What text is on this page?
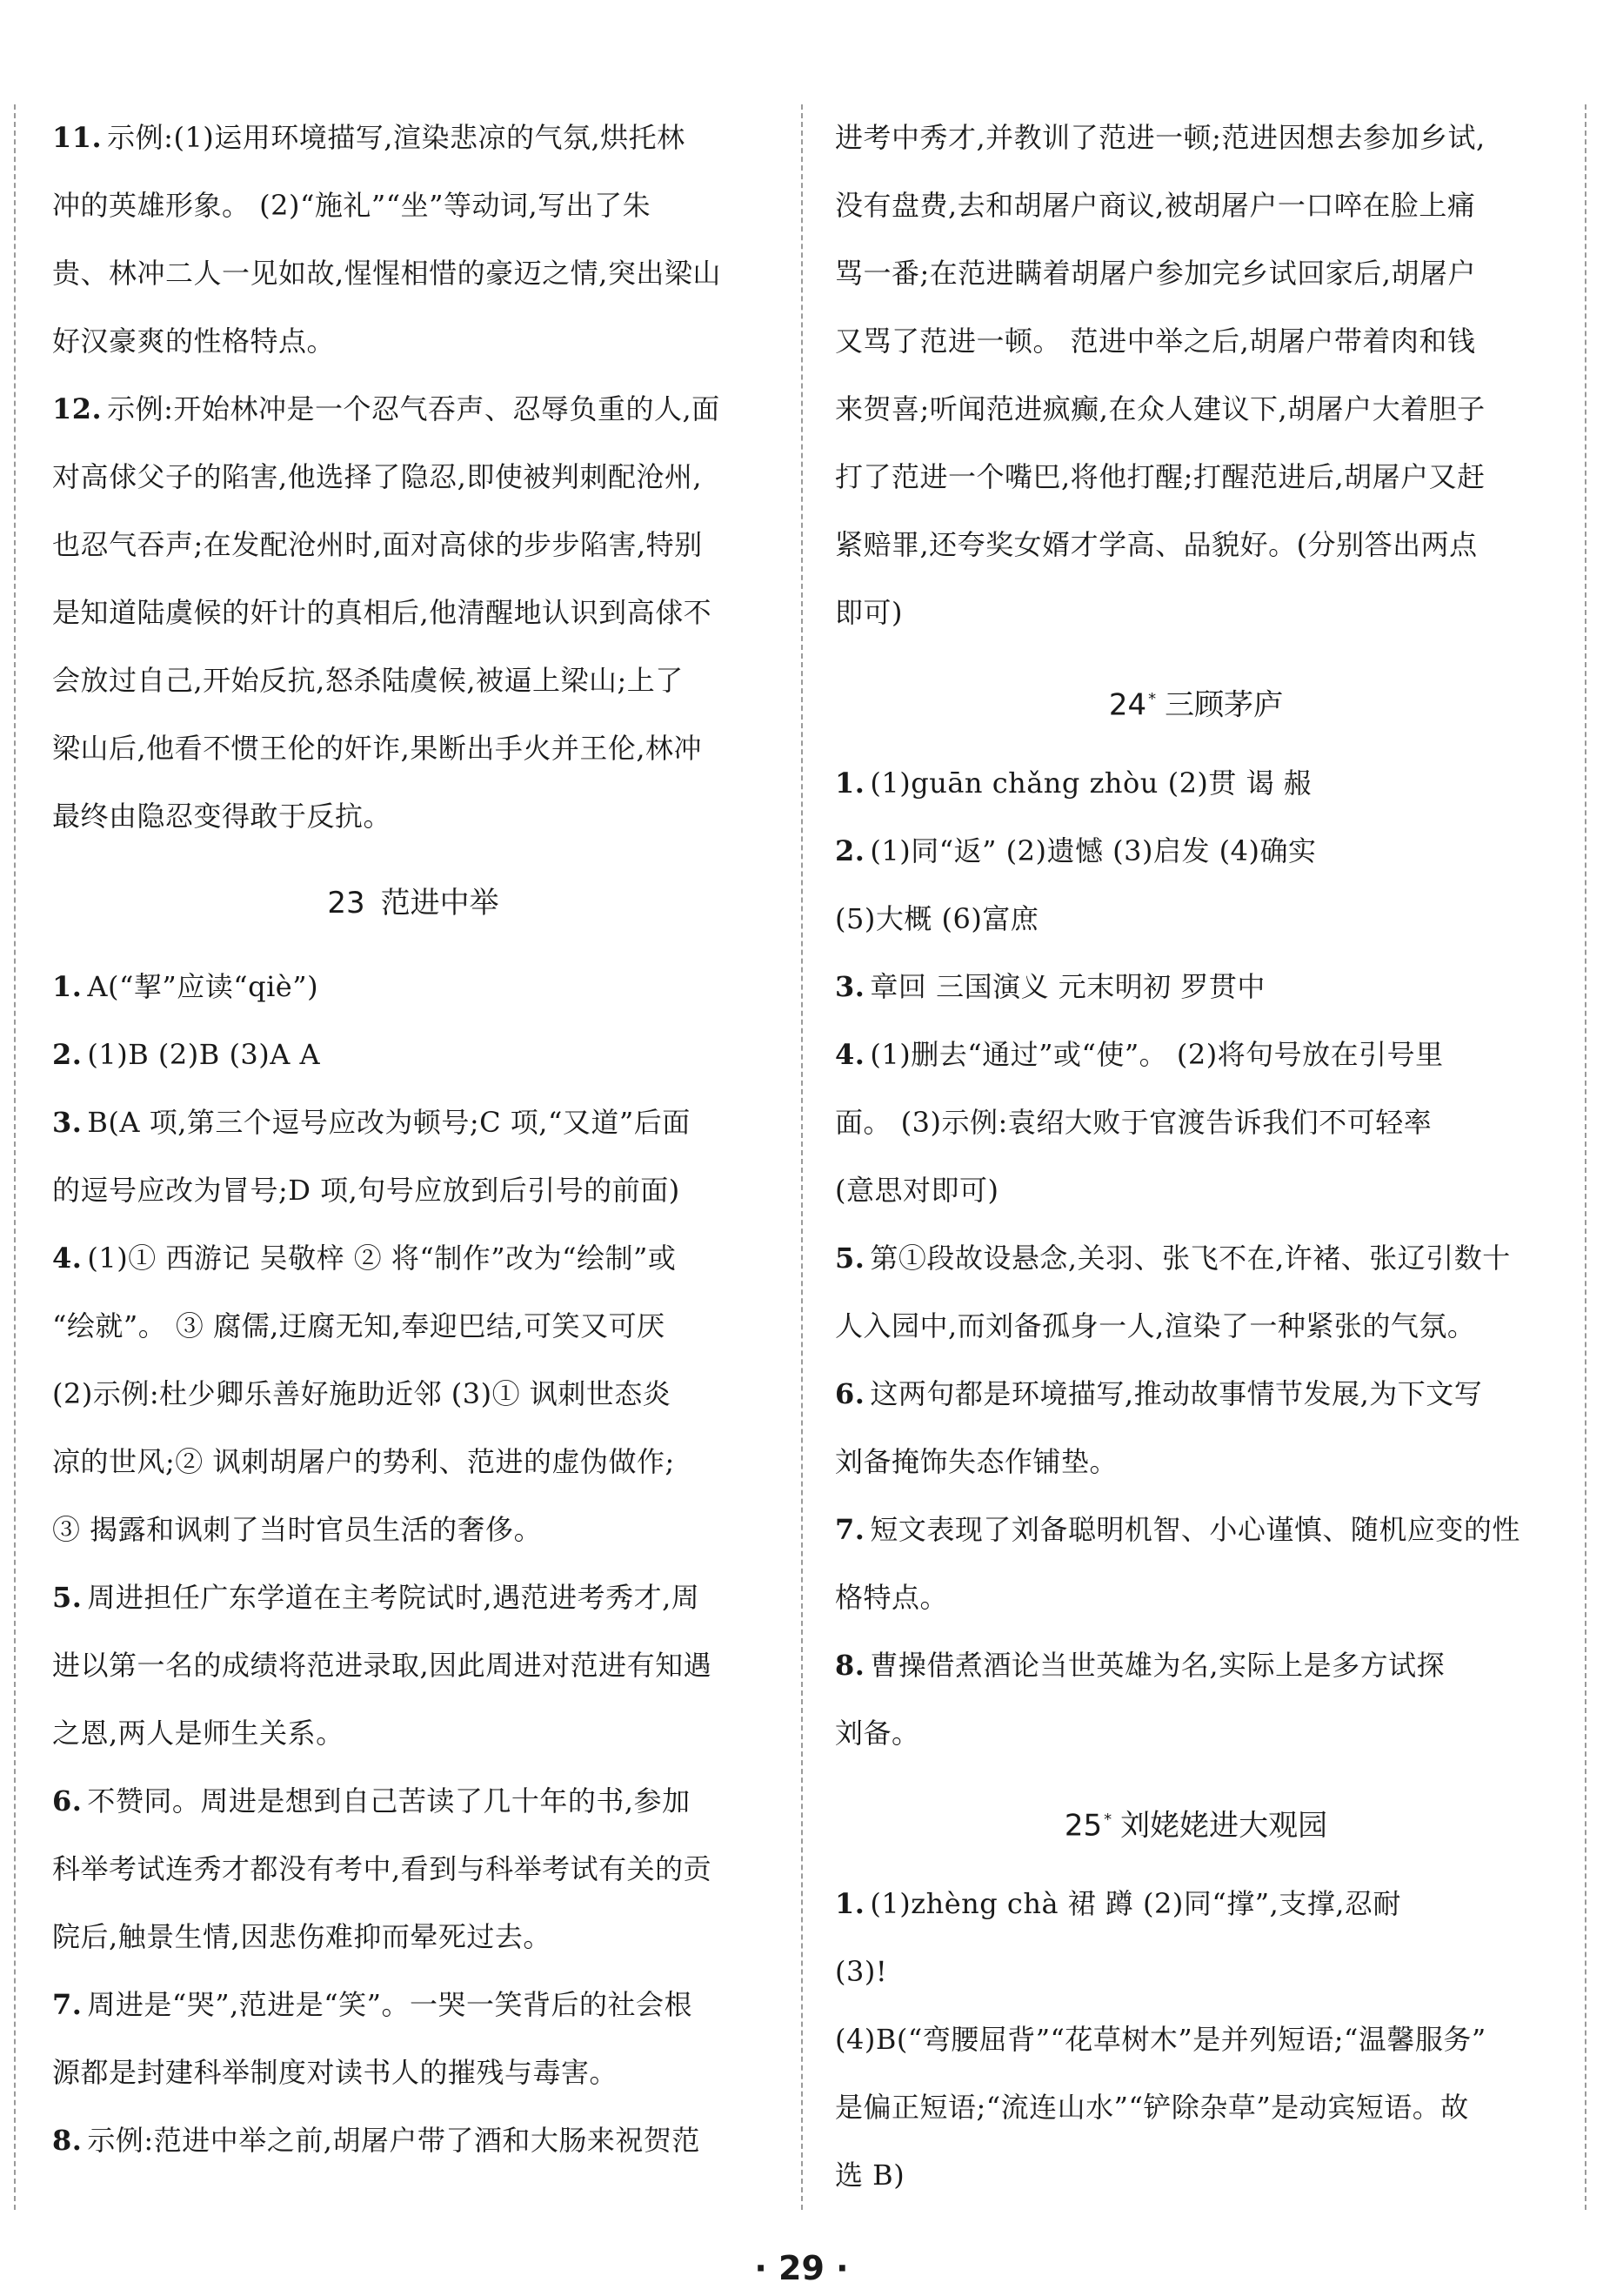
11. 示例:(1)运用环境描写,渲染悲凉的气氛,烘托林
冲的英雄形象。 (2)“施礼”“坐”等动词,写出了朱
贵、林冲二人一见如故,惺惺相惜的豪迈之情,突出梁山
好汉豪爽的性格特点。
12. 示例:开始林冲是一个忍气吞声、忍辱负重的人,面
对高俅父子的陷害,他选择了隐忍,即使被判刺配沧州,
也忍气吞声;在发配沧州时,面对高俅的步步陷害,特别
是知道陆虞候的奸计的真相后,他清醒地认识到高俅不
会放过自己,开始反抗,怒杀陆虞候,被逼上梁山;上了
梁山后,他看不惯王伦的奸诈,果断出手火并王伦,林冲
最终由隐忍变得敢于反抗。
23 范进中举
1. A(“挈”应读“qiè”)
2. (1)B (2)B (3)A A
3. B(A 项,第三个逗号应改为顿号;C 项,“又道”后面
的逗号应改为冒号;D 项,句号应放到后引号的前面)
4. (1)① 西游记 吴敬梓 ② 将“制作”改为“绘制”或
“绘就”。 ③ 腐儒,迂腐无知,奉迎巴结,可笑又可厌
(2)示例:杜少卿乐善好施助近邻 (3)① 讽刺世态炎
凉的世风;② 讽刺胡屠户的势利、范进的虚伪做作;
③ 揭露和讽刺了当时官员生活的奢侈。
5. 周进担任广东学道在主考院试时,遇范进考秀才,周
进以第一名的成绩将范进录取,因此周进对范进有知遇
之恩,两人是师生关系。
6. 不赞同。周进是想到自己苦读了几十年的书,参加
科举考试连秀才都没有考中,看到与科举考试有关的贡
院后,触景生情,因悲伤难抑而晕死过去。
7. 周进是“哭”,范进是“笑”。一哭一笑背后的社会根
源都是封建科举制度对读书人的摧残与毒害。
8. 示例:范进中举之前,胡屠户带了酒和大肠来祝贺范
进考中秀才,并教训了范进一顿;范进因想去参加乡试,
没有盘费,去和胡屠户商议,被胡屠户一口啐在脸上痛
骂一番;在范进瞒着胡屠户参加完乡试回家后,胡屠户
又骂了范进一顿。 范进中举之后,胡屠户带着肉和钱
来贺喜;听闻范进疯癫,在众人建议下,胡屠户大着胆子
打了范进一个嘴巴,将他打醒;打醒范进后,胡屠户又赶
紧赔罪,还夸奖女婿才学高、品貌好。(分别答出两点
即可)
24 * 三顾茅庐
1. (1)guān chǎng zhòu (2)贯 谒 赧
2. (1)同“返” (2)遗憾 (3)启发 (4)确实
(5)大概 (6)富庶
3. 章回 三国演义 元末明初 罗贯中
4. (1)删去“通过”或“使”。 (2)将句号放在引号里
面。 (3)示例:袁绍大败于官渡告诉我们不可轻率
(意思对即可)
5. 第①段故设悬念,关羽、张飞不在,许褚、张辽引数十
人入园中,而刘备孤身一人,渲染了一种紧张的气氛。
6. 这两句都是环境描写,推动故事情节发展,为下文写
刘备掩饰失态作铺垫。
7. 短文表现了刘备聪明机智、小心谨慎、随机应变的性
格特点。
8. 曹操借煮酒论当世英雄为名,实际上是多方试探
刘备。
25 * 刘姥姥进大观园
1. (1)zhèng chà 裙 蹲 (2)同“撑”,支撑,忍耐
(3)!
(4)B(“弯腰屈背”“花草树木”是并列短语;“温馨服务”
是偏正短语;“流连山水”“铲除杂草”是动宾短语。故
选 B)
· 29 ·
